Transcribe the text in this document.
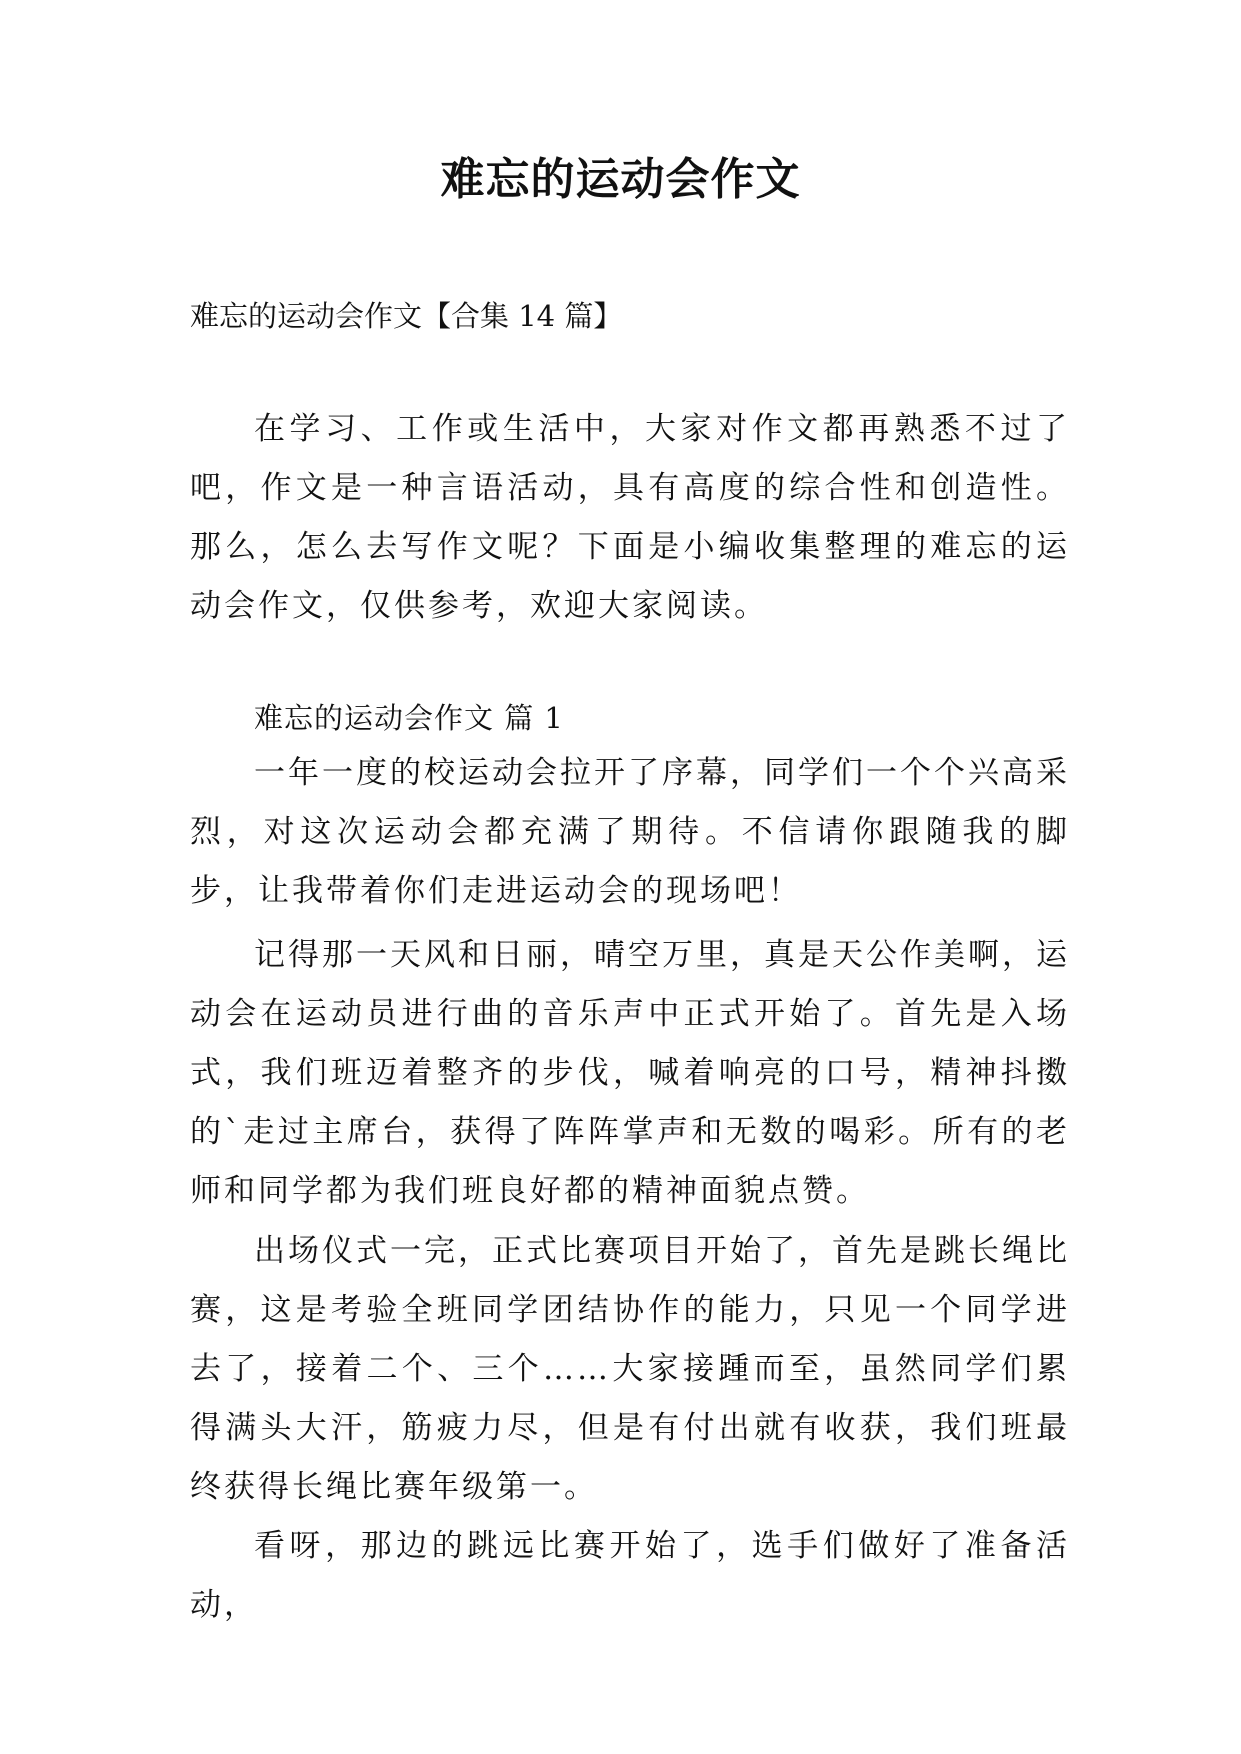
难忘的运动会作文
难忘的运动会作文【合集 14 篇】

在学习、工作或生活中，大家对作文都再熟悉不过了吧，作文是一种言语活动，具有高度的综合性和创造性。那么，怎么去写作文呢？下面是小编收集整理的难忘的运动会作文，仅供参考，欢迎大家阅读。

难忘的运动会作文 篇 1

一年一度的校运动会拉开了序幕，同学们一个个兴高采烈，对这次运动会都充满了期待。不信请你跟随我的脚步，让我带着你们走进运动会的现场吧！

记得那一天风和日丽，晴空万里，真是天公作美啊，运动会在运动员进行曲的音乐声中正式开始了。首先是入场式，我们班迈着整齐的步伐，喊着响亮的口号，精神抖擞的`走过主席台，获得了阵阵掌声和无数的喝彩。所有的老师和同学都为我们班良好都的精神面貌点赞。

出场仪式一完，正式比赛项目开始了，首先是跳长绳比赛，这是考验全班同学团结协作的能力，只见一个同学进去了，接着二个、三个……大家接踵而至，虽然同学们累得满头大汗，筋疲力尽，但是有付出就有收获，我们班最终获得长绳比赛年级第一。

看呀，那边的跳远比赛开始了，选手们做好了准备活动，
